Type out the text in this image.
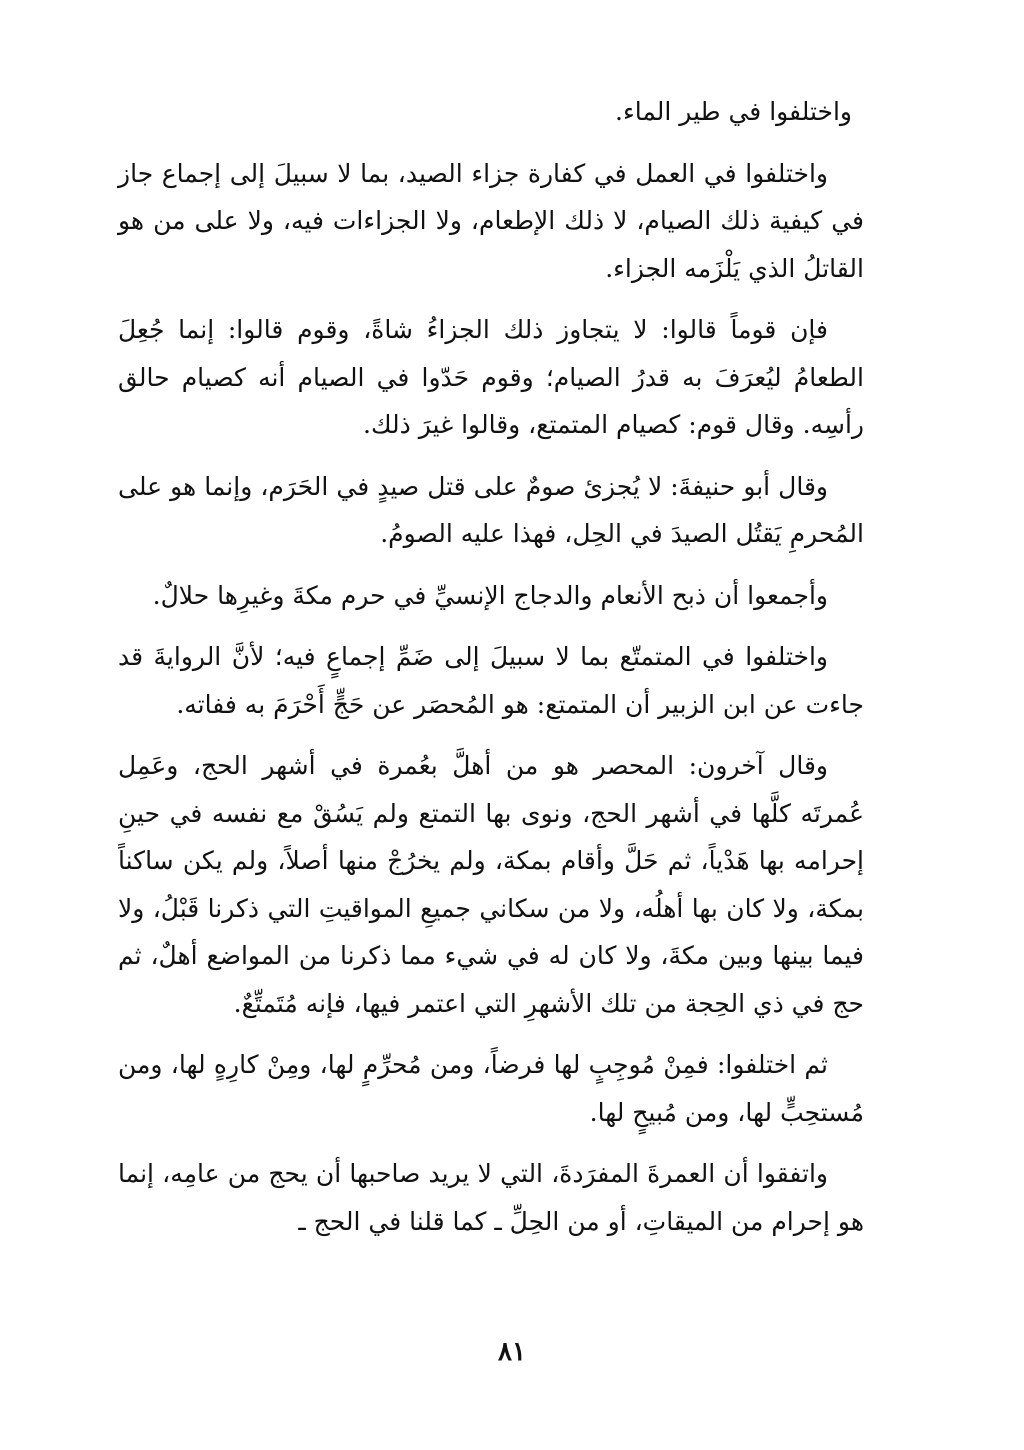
واختلفوا في طير الماء.

واختلفوا في العمل في كفارة جزاء الصيد، بما لا سبيلَ إلى إجماع جاز في كيفية ذلك الصيام، لا ذلك الإطعام، ولا الجزاءات فيه، ولا على من هو القاتلُ الذي يَلْزَمه الجزاء.

فإن قوماً قالوا: لا يتجاوز ذلك الجزاءُ شاةً، وقوم قالوا: إنما جُعِلَ الطعامُ ليُعرَفَ به قدرُ الصيام؛ وقوم حَدّوا في الصيام أنه كصيام حالق رأسِه. وقال قوم: كصيام المتمتع، وقالوا غيرَ ذلك.

وقال أبو حنيفةَ: لا يُجزئ صومٌ على قتل صيدٍ في الحَرَم، وإنما هو على المُحرمِ يَقتُل الصيدَ في الحِل، فهذا عليه الصومُ.

وأجمعوا أن ذبح الأنعام والدجاج الإنسيِّ في حرم مكةَ وغيرِها حلالٌ.

واختلفوا في المتمتّع بما لا سبيلَ إلى ضَمِّ إجماعٍ فيه؛ لأنَّ الروايةَ قد جاءت عن ابن الزبير أن المتمتع: هو المُحصَر عن حَجٍّ أَحْرَمَ به ففاته.

وقال آخرون: المحصر هو من أهلَّ بعُمرة في أشهر الحج، وعَمِل عُمرتَه كلَّها في أشهر الحج، ونوى بها التمتع ولم يَسُقْ مع نفسه في حينِ إحرامه بها هَدْياً، ثم حَلَّ وأقام بمكة، ولم يخرُجْ منها أصلاً، ولم يكن ساكناً بمكة، ولا كان بها أهلُه، ولا من سكاني جميعِ المواقيتِ التي ذكرنا قَبْلُ، ولا فيما بينها وبين مكةَ، ولا كان له في شيء مما ذكرنا من المواضع أهلٌ، ثم حج في ذي الحِجة من تلك الأشهرِ التي اعتمر فيها، فإنه مُتَمتِّعٌ.

ثم اختلفوا: فمِنْ مُوجِبٍ لها فرضاً، ومن مُحرِّمٍ لها، ومِنْ كارِهٍ لها، ومن مُستحِبٍّ لها، ومن مُبيحٍ لها.

واتفقوا أن العمرةَ المفرَدةَ، التي لا يريد صاحبها أن يحج من عامِه، إنما هو إحرام من الميقاتِ، أو من الحِلِّ ـ كما قلنا في الحج ـ

٨١
